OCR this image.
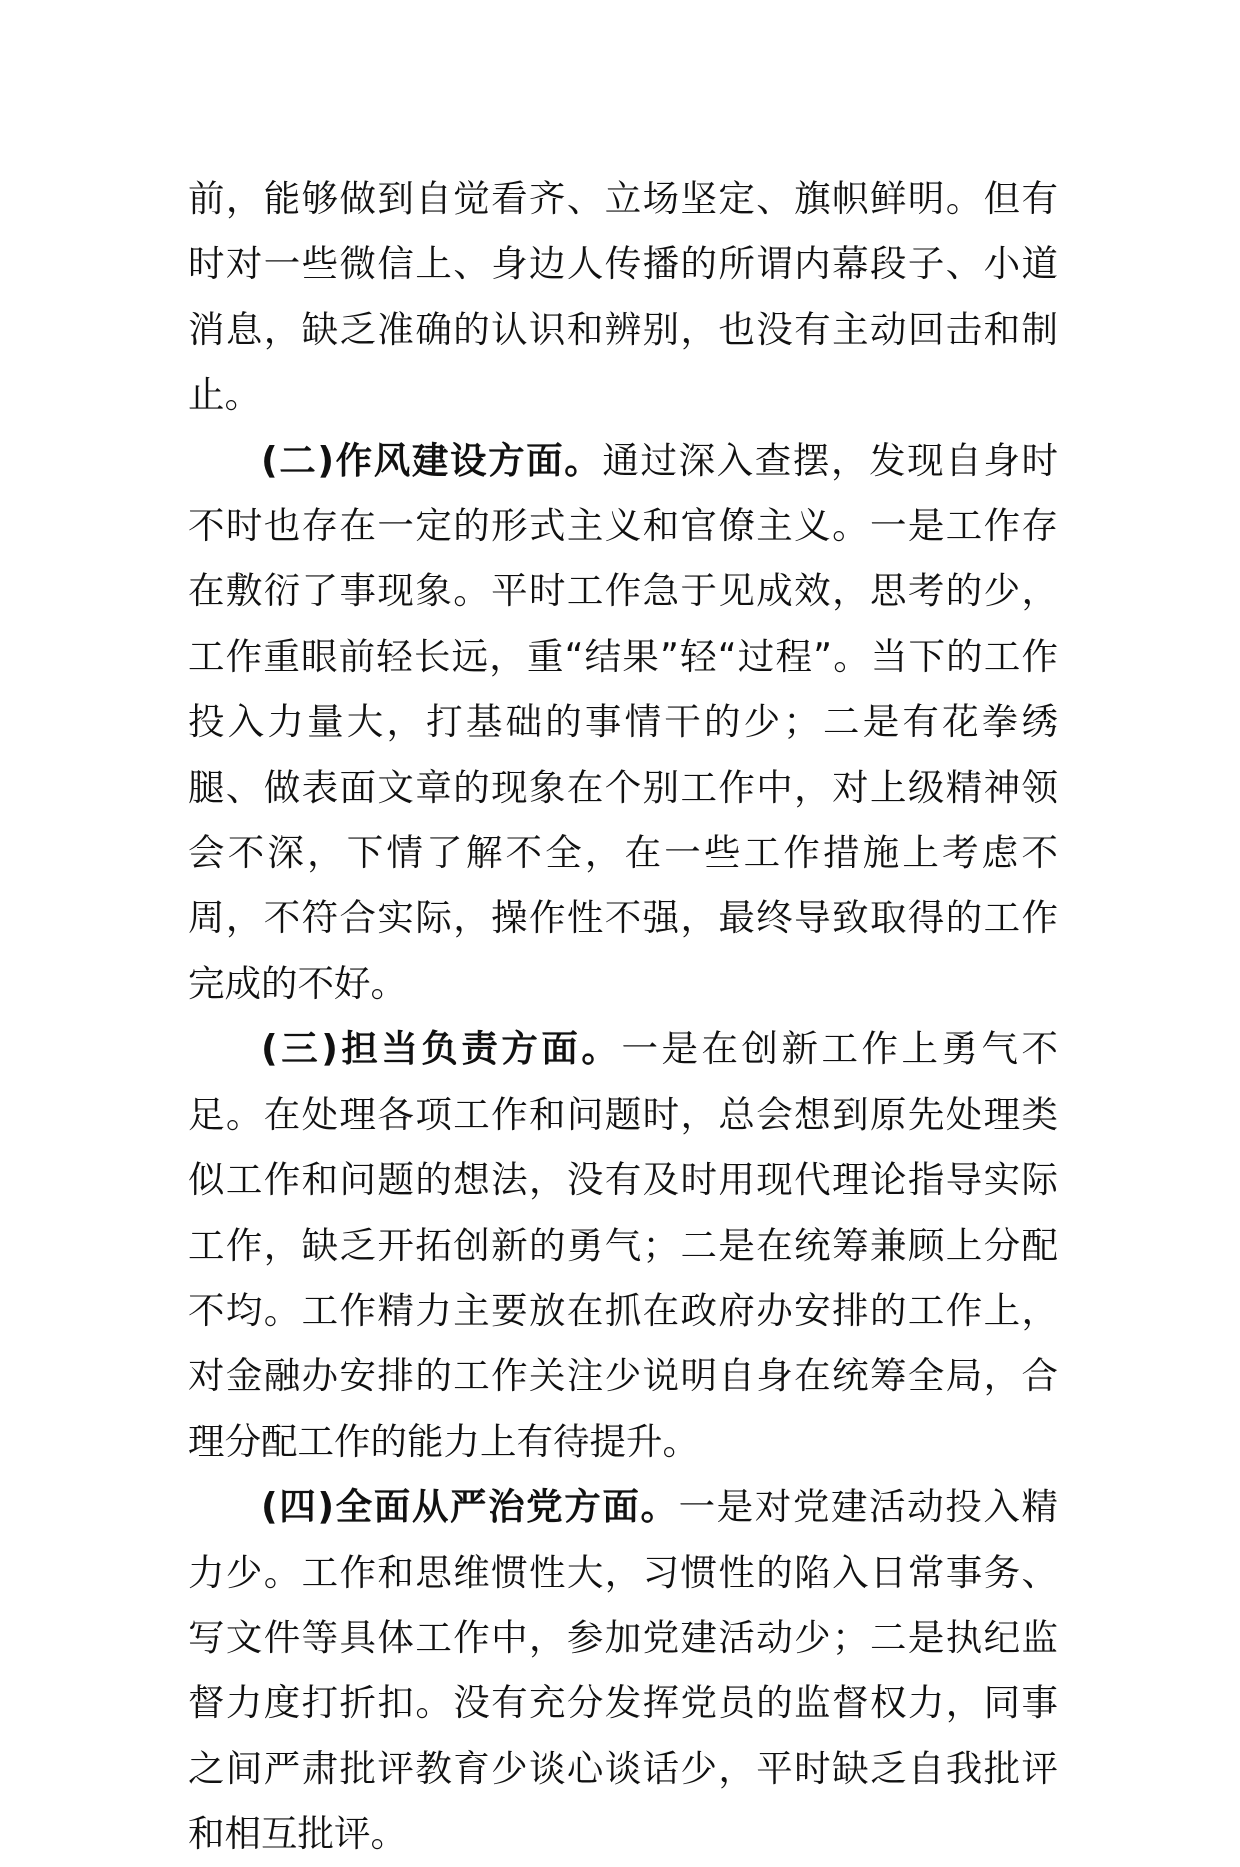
前，能够做到自觉看齐、立场坚定、旗帜鲜明。但有时对一些微信上、身边人传播的所谓内幕段子、小道消息，缺乏准确的认识和辨别，也没有主动回击和制止。

(二)作风建设方面。通过深入查摆，发现自身时不时也存在一定的形式主义和官僚主义。一是工作存在敷衍了事现象。平时工作急于见成效，思考的少，工作重眼前轻长远，重“结果”轻“过程”。当下的工作投入力量大，打基础的事情干的少；二是有花拳绣腿、做表面文章的现象在个别工作中，对上级精神领会不深，下情了解不全，在一些工作措施上考虑不周，不符合实际，操作性不强，最终导致取得的工作完成的不好。

(三)担当负责方面。一是在创新工作上勇气不足。在处理各项工作和问题时，总会想到原先处理类似工作和问题的想法，没有及时用现代理论指导实际工作，缺乏开拓创新的勇气；二是在统筹兼顾上分配不均。工作精力主要放在抓在政府办安排的工作上，对金融办安排的工作关注少说明自身在统筹全局，合理分配工作的能力上有待提升。

(四)全面从严治党方面。一是对党建活动投入精力少。工作和思维惯性大，习惯性的陷入日常事务、写文件等具体工作中，参加党建活动少；二是执纪监督力度打折扣。没有充分发挥党员的监督权力，同事之间严肃批评教育少谈心谈话少，平时缺乏自我批评和相互批评。
